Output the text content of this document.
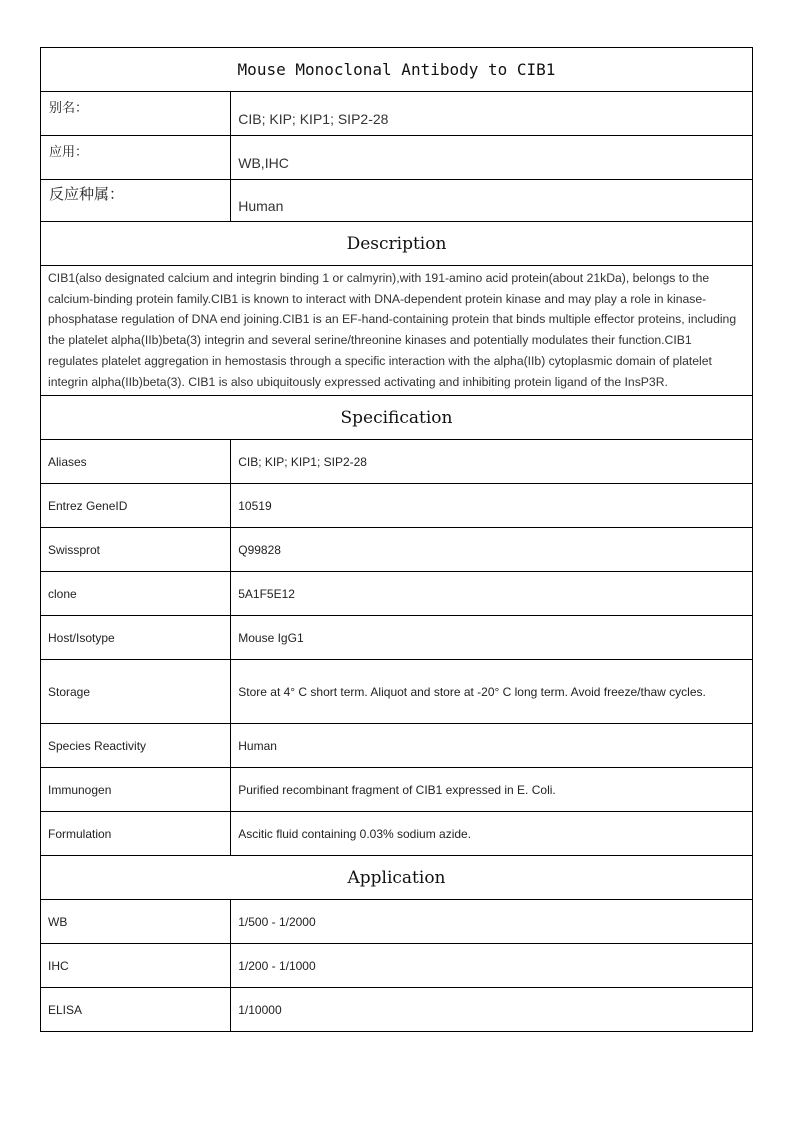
Mouse Monoclonal Antibody to CIB1	
别名：	CIB; KIP; KIP1; SIP2-28
应用：	WB,IHC
反应种属：	Human
Description	
CIB1(also designated calcium and integrin binding 1 or calmyrin),with 191-amino acid protein(about 21kDa), belongs to the calcium-binding protein family.CIB1 is known to interact with DNA-dependent protein kinase and may play a role in kinase-phosphatase regulation of DNA end joining.CIB1 is an EF-hand-containing protein that binds multiple effector proteins, including the platelet alpha(IIb)beta(3) integrin and several serine/threonine kinases and potentially modulates their function.CIB1 regulates platelet aggregation in hemostasis through a specific interaction with the alpha(IIb) cytoplasmic domain of platelet integrin alpha(IIb)beta(3). CIB1 is also ubiquitously expressed activating and inhibiting protein ligand of the InsP3R.	
Specification	
Aliases	CIB; KIP; KIP1; SIP2-28
Entrez GeneID	10519
Swissprot	Q99828
clone	5A1F5E12
Host/Isotype	Mouse IgG1
Storage	Store at 4° C short term. Aliquot and store at -20° C long term. Avoid freeze/thaw cycles.
Species Reactivity	Human
Immunogen	Purified recombinant fragment of CIB1 expressed in E. Coli.
Formulation	Ascitic fluid containing 0.03% sodium azide.
Application	
WB	1/500 - 1/2000
IHC	1/200 - 1/1000
ELISA	1/10000
